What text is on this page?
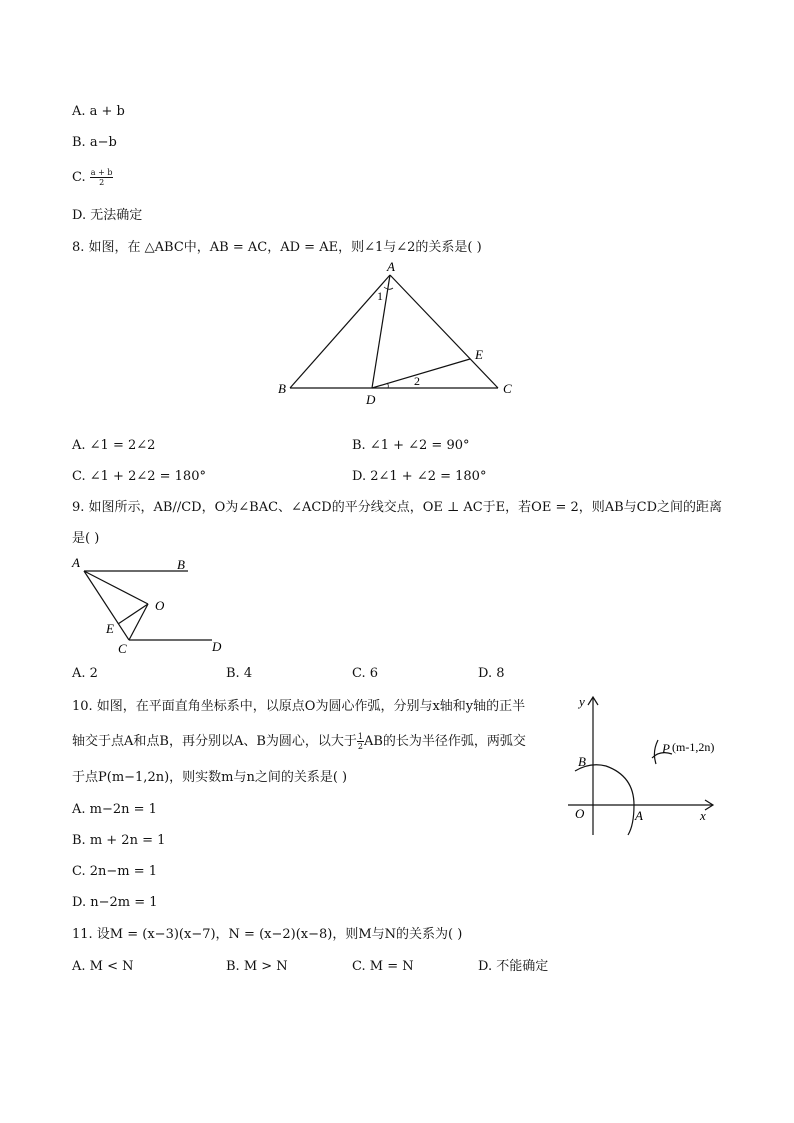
A. a + b
B. a−b
C. $\frac{a + b}{2}$
D. 无法确定
8. 如图，在 △ABC中，AB = AC，AD = AE，则∠1与∠2的关系是( )
A
B	C
D
E
1
2
A. ∠1 = 2∠2	B. ∠1 + ∠2 = 90°
C. ∠1 + 2∠2 = 180°	D. 2∠1 + ∠2 = 180°
9. 如图所示，AB//CD，O为∠BAC、∠ACD的平分线交点，OE ⊥ AC于E，若OE = 2，则AB与CD之间的距离
是( )
A	B
C	D
E
O
A. 2	B. 4	C. 6	D. 8
10. 如图，在平面直角坐标系中，以原点O为圆心作弧，分别与x轴和y轴的正半
轴交于点A和点B，再分别以A、B为圆心，以大于 $\frac{1}{2}$ AB的长为半径作弧，两弧交
于点P(m−1,2n)，则实数m与n之间的关系是( )
A. m−2n = 1
B. m + 2n = 1
C. 2n−m = 1
D. n−2m = 1
y
x
O	A
B
P (m-1,2n)
11. 设M = (x−3)(x−7)，N = (x−2)(x−8)，则M与N的关系为( )
A. M < N	B. M > N	C. M = N	D. 不能确定
